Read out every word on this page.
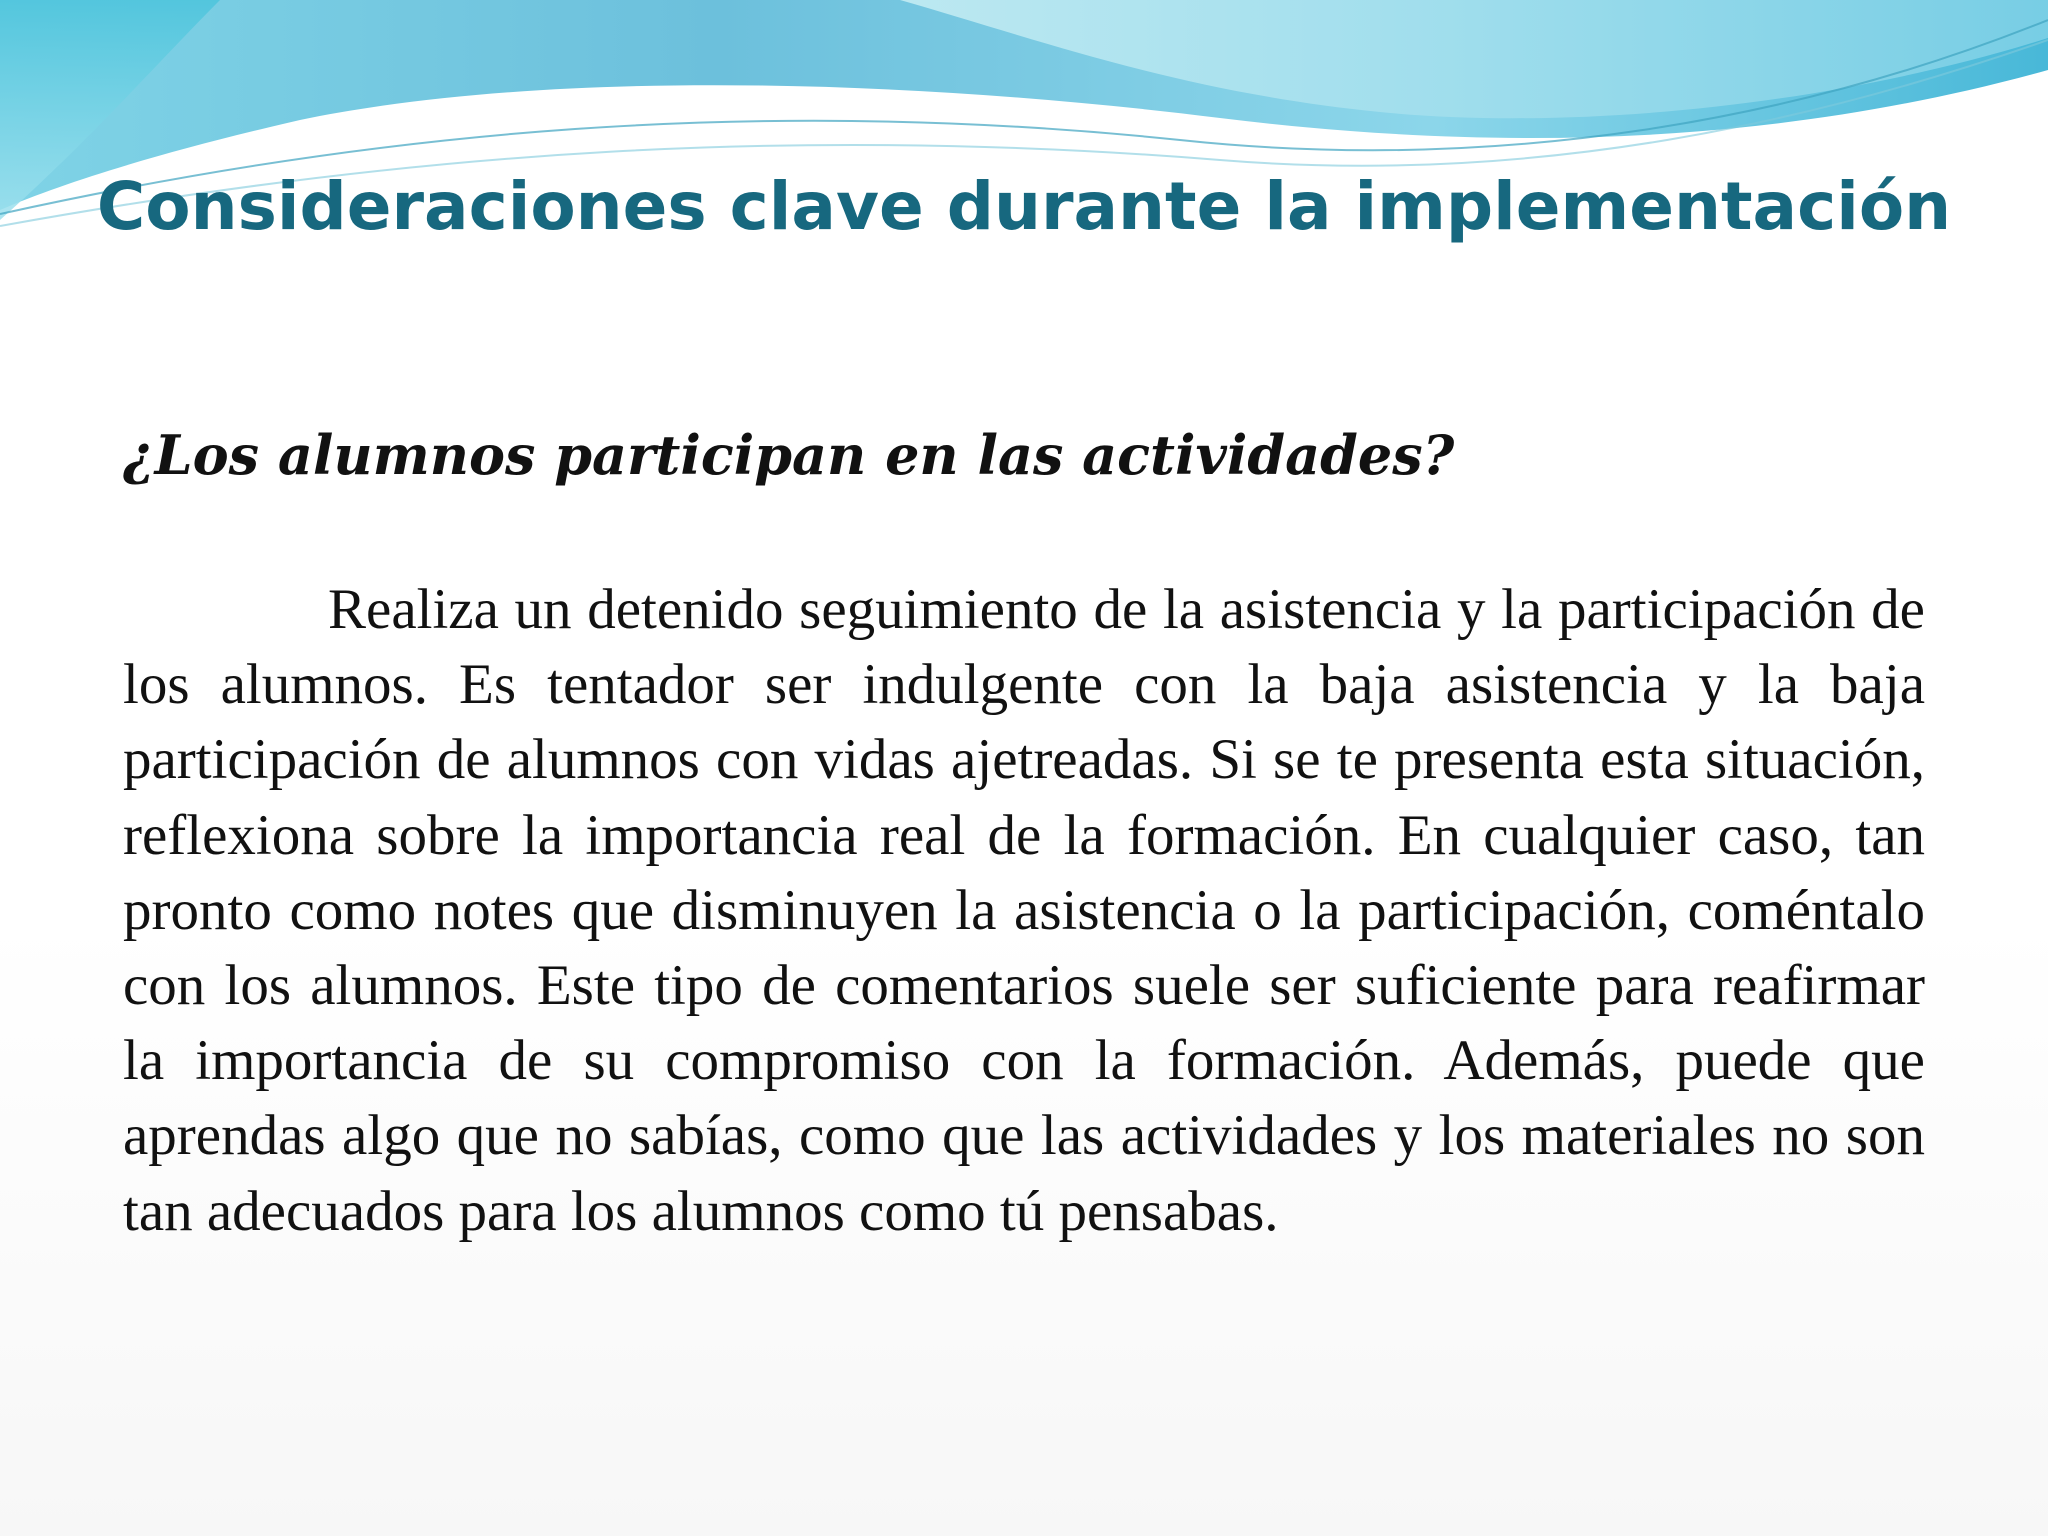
Consideraciones clave durante la implementación

¿Los alumnos participan en las actividades?

Realiza un detenido seguimiento de la asistencia y la participación de los alumnos. Es tentador ser indulgente con la baja asistencia y la baja participación de alumnos con vidas ajetreadas. Si se te presenta esta situación, reflexiona sobre la importancia real de la formación. En cualquier caso, tan pronto como notes que disminuyen la asistencia o la participación, coméntalo con los alumnos. Este tipo de comentarios suele ser suficiente para reafirmar la importancia de su compromiso con la formación. Además, puede que aprendas algo que no sabías, como que las actividades y los materiales no son tan adecuados para los alumnos como tú pensabas.
